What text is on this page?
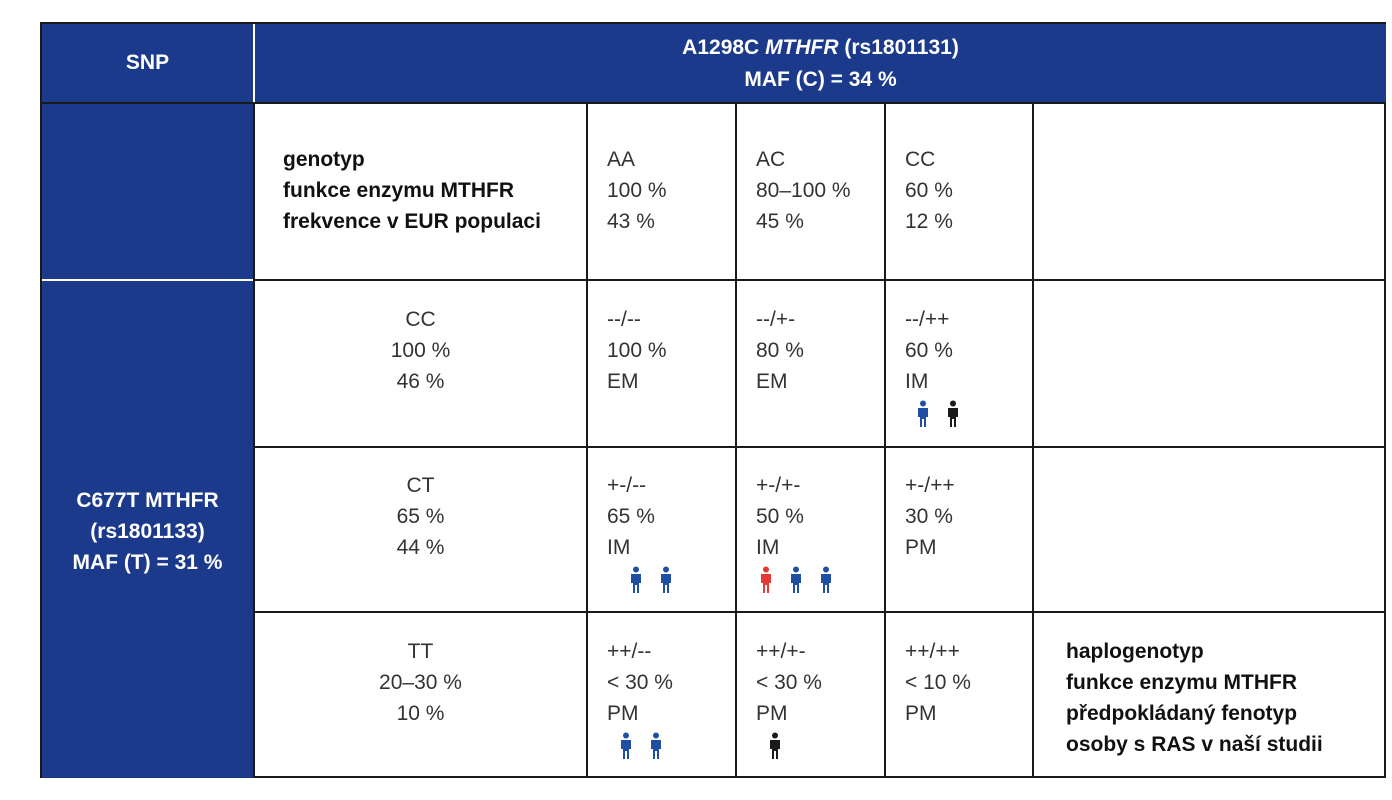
SNP
A1298C MTHFR (rs1801131)
MAF (C) = 34 %
C677T MTHFR
(rs1801133)
MAF (T) = 31 %
genotyp
funkce enzymu MTHFR
frekvence v EUR populaci
AA
100 %
43 %
AC
80–100 %
45 %
CC
60 %
12 %
CC
100 %
46 %
CT
65 %
44 %
TT
20–30 %
10 %
--/--
100 %
EM
--/+-
80 %
EM
--/++
60 %
IM
+-/--
65 %
IM
+-/+-
50 %
IM
+-/++
30 %
PM
++/--
< 30 %
PM
++/+-
< 30 %
PM
++/++
< 10 %
PM
haplogenotyp
funkce enzymu MTHFR
předpokládaný fenotyp
osoby s RAS v naší studii
